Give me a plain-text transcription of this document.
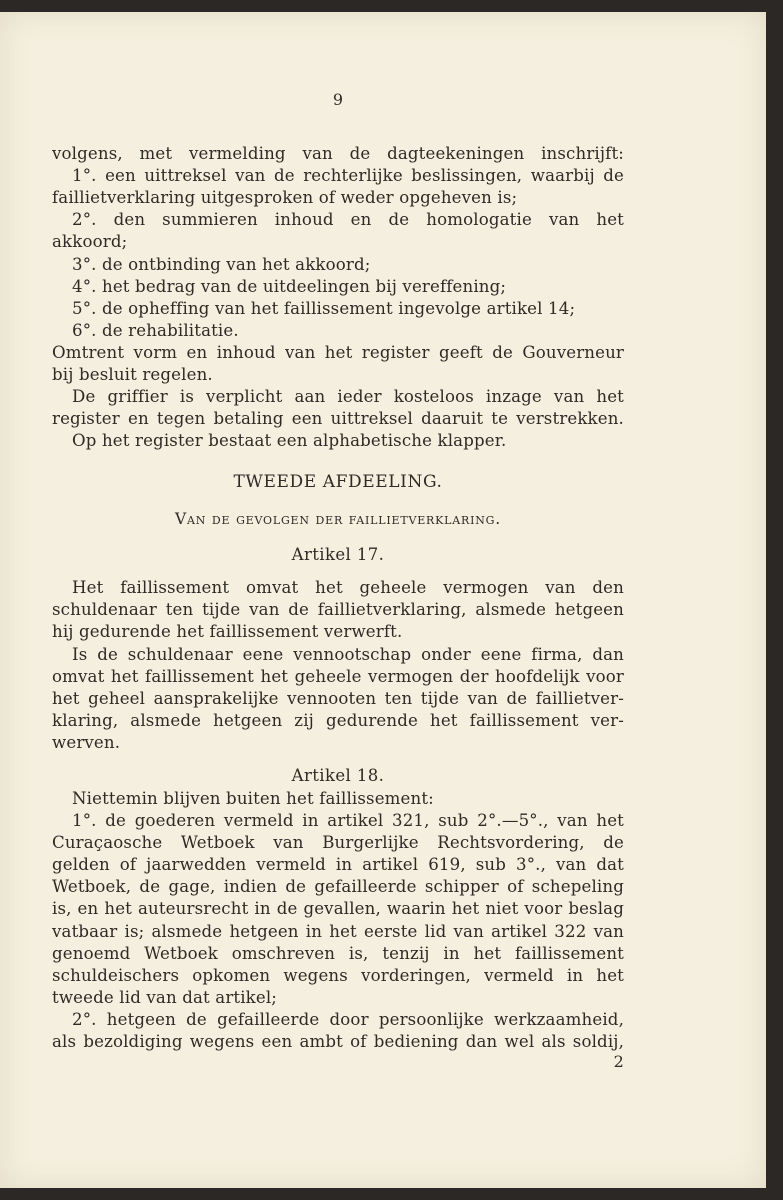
9
volgens, met vermelding van de dagteekeningen inschrijft:
1°. een uittreksel van de rechterlijke beslissingen, waarbij de
faillietverklaring uitgesproken of weder opgeheven is;
2°. den summieren inhoud en de homologatie van het
akkoord;
3°. de ontbinding van het akkoord;
4°. het bedrag van de uitdeelingen bij vereffening;
5°. de opheffing van het faillissement ingevolge artikel 14;
6°. de rehabilitatie.
Omtrent vorm en inhoud van het register geeft de Gouverneur
bij besluit regelen.
De griffier is verplicht aan ieder kosteloos inzage van het
register en tegen betaling een uittreksel daaruit te verstrekken.
Op het register bestaat een alphabetische klapper.
TWEEDE AFDEELING.
Van de gevolgen der faillietverklaring.
Artikel 17.
Het faillissement omvat het geheele vermogen van den
schuldenaar ten tijde van de faillietverklaring, alsmede hetgeen
hij gedurende het faillissement verwerft.
Is de schuldenaar eene vennootschap onder eene firma, dan
omvat het faillissement het geheele vermogen der hoofdelijk voor
het geheel aansprakelijke vennooten ten tijde van de faillietver-
klaring, alsmede hetgeen zij gedurende het faillissement ver-
werven.
Artikel 18.
Niettemin blijven buiten het faillissement:
1°. de goederen vermeld in artikel 321, sub 2°.—5°., van het
Curaçaosche Wetboek van Burgerlijke Rechtsvordering, de
gelden of jaarwedden vermeld in artikel 619, sub 3°., van dat
Wetboek, de gage, indien de gefailleerde schipper of schepeling
is, en het auteursrecht in de gevallen, waarin het niet voor beslag
vatbaar is; alsmede hetgeen in het eerste lid van artikel 322 van
genoemd Wetboek omschreven is, tenzij in het faillissement
schuldeischers opkomen wegens vorderingen, vermeld in het
tweede lid van dat artikel;
2°. hetgeen de gefailleerde door persoonlijke werkzaamheid,
als bezoldiging wegens een ambt of bediening dan wel als soldij,
2
